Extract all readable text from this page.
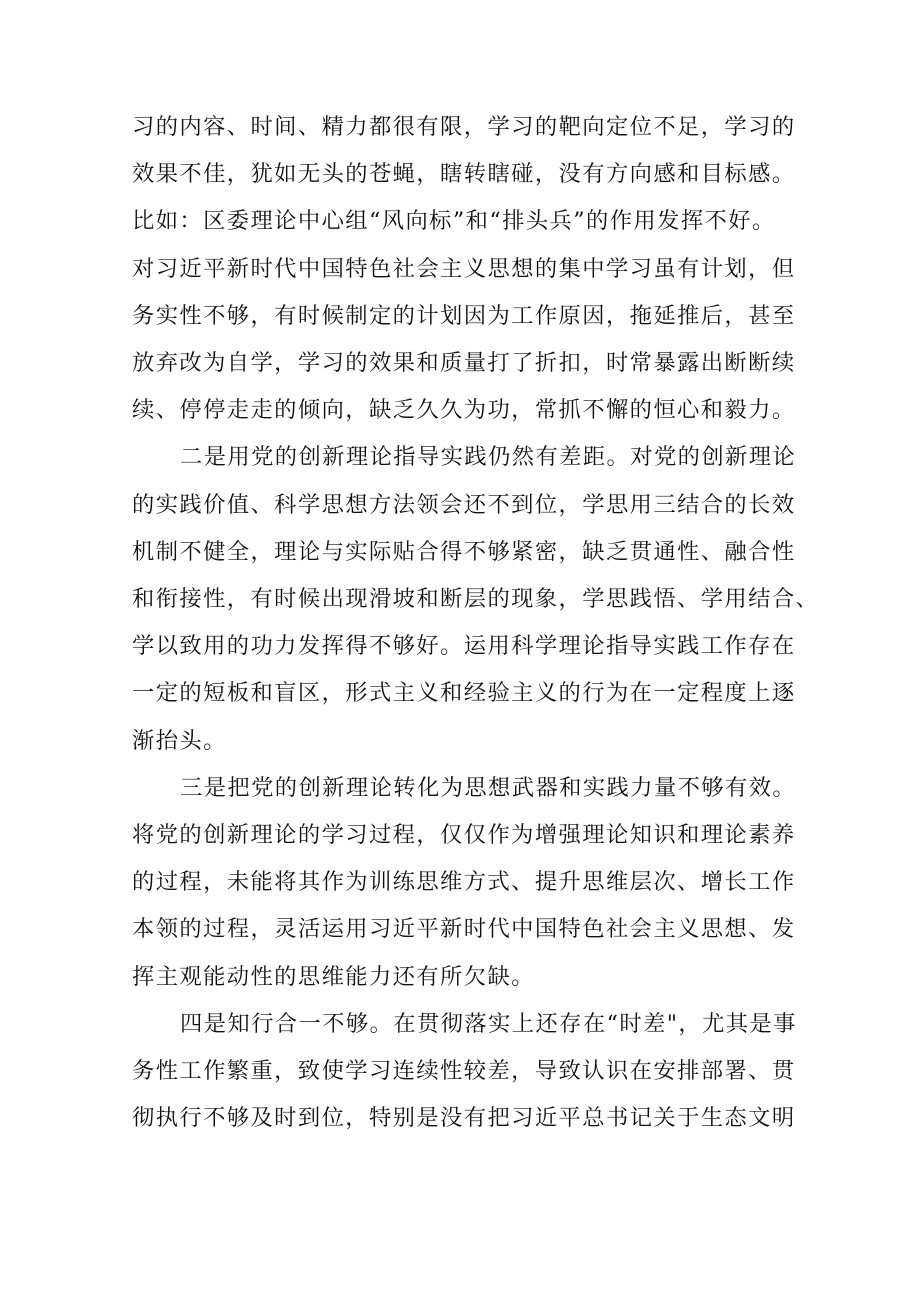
习的内容、时间、精力都很有限，学习的靶向定位不足，学习的
效果不佳，犹如无头的苍蝇，瞎转瞎碰，没有方向感和目标感。
比如：区委理论中心组“风向标”和“排头兵”的作用发挥不好。
对习近平新时代中国特色社会主义思想的集中学习虽有计划，但
务实性不够，有时候制定的计划因为工作原因，拖延推后，甚至
放弃改为自学，学习的效果和质量打了折扣，时常暴露出断断续
续、停停走走的倾向，缺乏久久为功，常抓不懈的恒心和毅力。

二是用党的创新理论指导实践仍然有差距。对党的创新理论
的实践价值、科学思想方法领会还不到位，学思用三结合的长效
机制不健全，理论与实际贴合得不够紧密，缺乏贯通性、融合性
和衔接性，有时候出现滑坡和断层的现象，学思践悟、学用结合、
学以致用的功力发挥得不够好。运用科学理论指导实践工作存在
一定的短板和盲区，形式主义和经验主义的行为在一定程度上逐
渐抬头。

三是把党的创新理论转化为思想武器和实践力量不够有效。
将党的创新理论的学习过程，仅仅作为增强理论知识和理论素养
的过程，未能将其作为训练思维方式、提升思维层次、增长工作
本领的过程，灵活运用习近平新时代中国特色社会主义思想、发
挥主观能动性的思维能力还有所欠缺。

四是知行合一不够。在贯彻落实上还存在“时差"，尤其是事
务性工作繁重，致使学习连续性较差，导致认识在安排部署、贯
彻执行不够及时到位，特别是没有把习近平总书记关于生态文明
